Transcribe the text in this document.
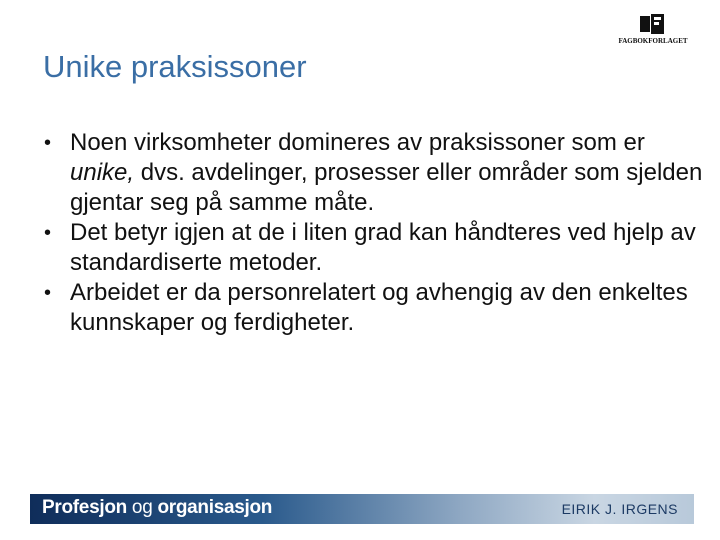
FAGBOKFORLAGET
Unike praksissoner
• Noen virksomheter domineres av praksissoner som er unike, dvs. avdelinger, prosesser eller områder som sjelden gjentar seg på samme måte.
• Det betyr igjen at de i liten grad kan håndteres ved hjelp av standardiserte metoder.
• Arbeidet er da personrelatert og avhengig av den enkeltes kunnskaper og ferdigheter.
Profesjon og organisasjon	EIRIK J. IRGENS
